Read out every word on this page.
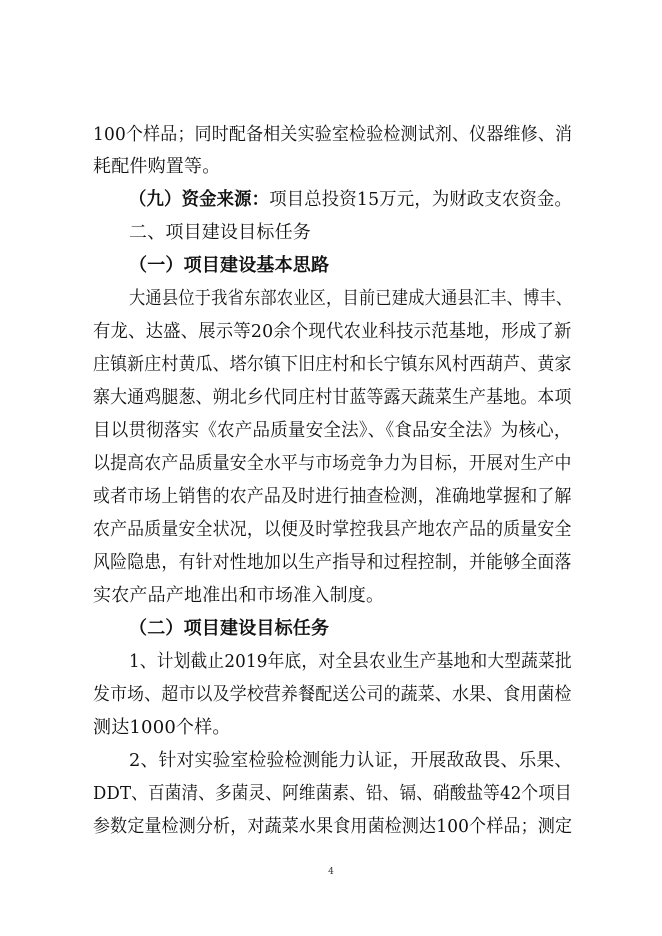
100个样品；同时配备相关实验室检验检测试剂、仪器维修、消
耗配件购置等。
（九）资金来源：项目总投资15万元，为财政支农资金。
二、项目建设目标任务
（一）项目建设基本思路
大通县位于我省东部农业区，目前已建成大通县汇丰、博丰、
有龙、达盛、展示等20余个现代农业科技示范基地，形成了新
庄镇新庄村黄瓜、塔尔镇下旧庄村和长宁镇东风村西葫芦、黄家
寨大通鸡腿葱、朔北乡代同庄村甘蓝等露天蔬菜生产基地。本项
目以贯彻落实《农产品质量安全法》、《食品安全法》为核心，
以提高农产品质量安全水平与市场竞争力为目标，开展对生产中
或者市场上销售的农产品及时进行抽查检测，准确地掌握和了解
农产品质量安全状况，以便及时掌控我县产地农产品的质量安全
风险隐患，有针对性地加以生产指导和过程控制，并能够全面落
实农产品产地准出和市场准入制度。
（二）项目建设目标任务
1、计划截止2019年底，对全县农业生产基地和大型蔬菜批
发市场、超市以及学校营养餐配送公司的蔬菜、水果、食用菌检
测达1000个样。
2、针对实验室检验检测能力认证，开展敌敌畏、乐果、
DDT、百菌清、多菌灵、阿维菌素、铅、镉、硝酸盐等42个项目
参数定量检测分析，对蔬菜水果食用菌检测达100个样品；测定
4
